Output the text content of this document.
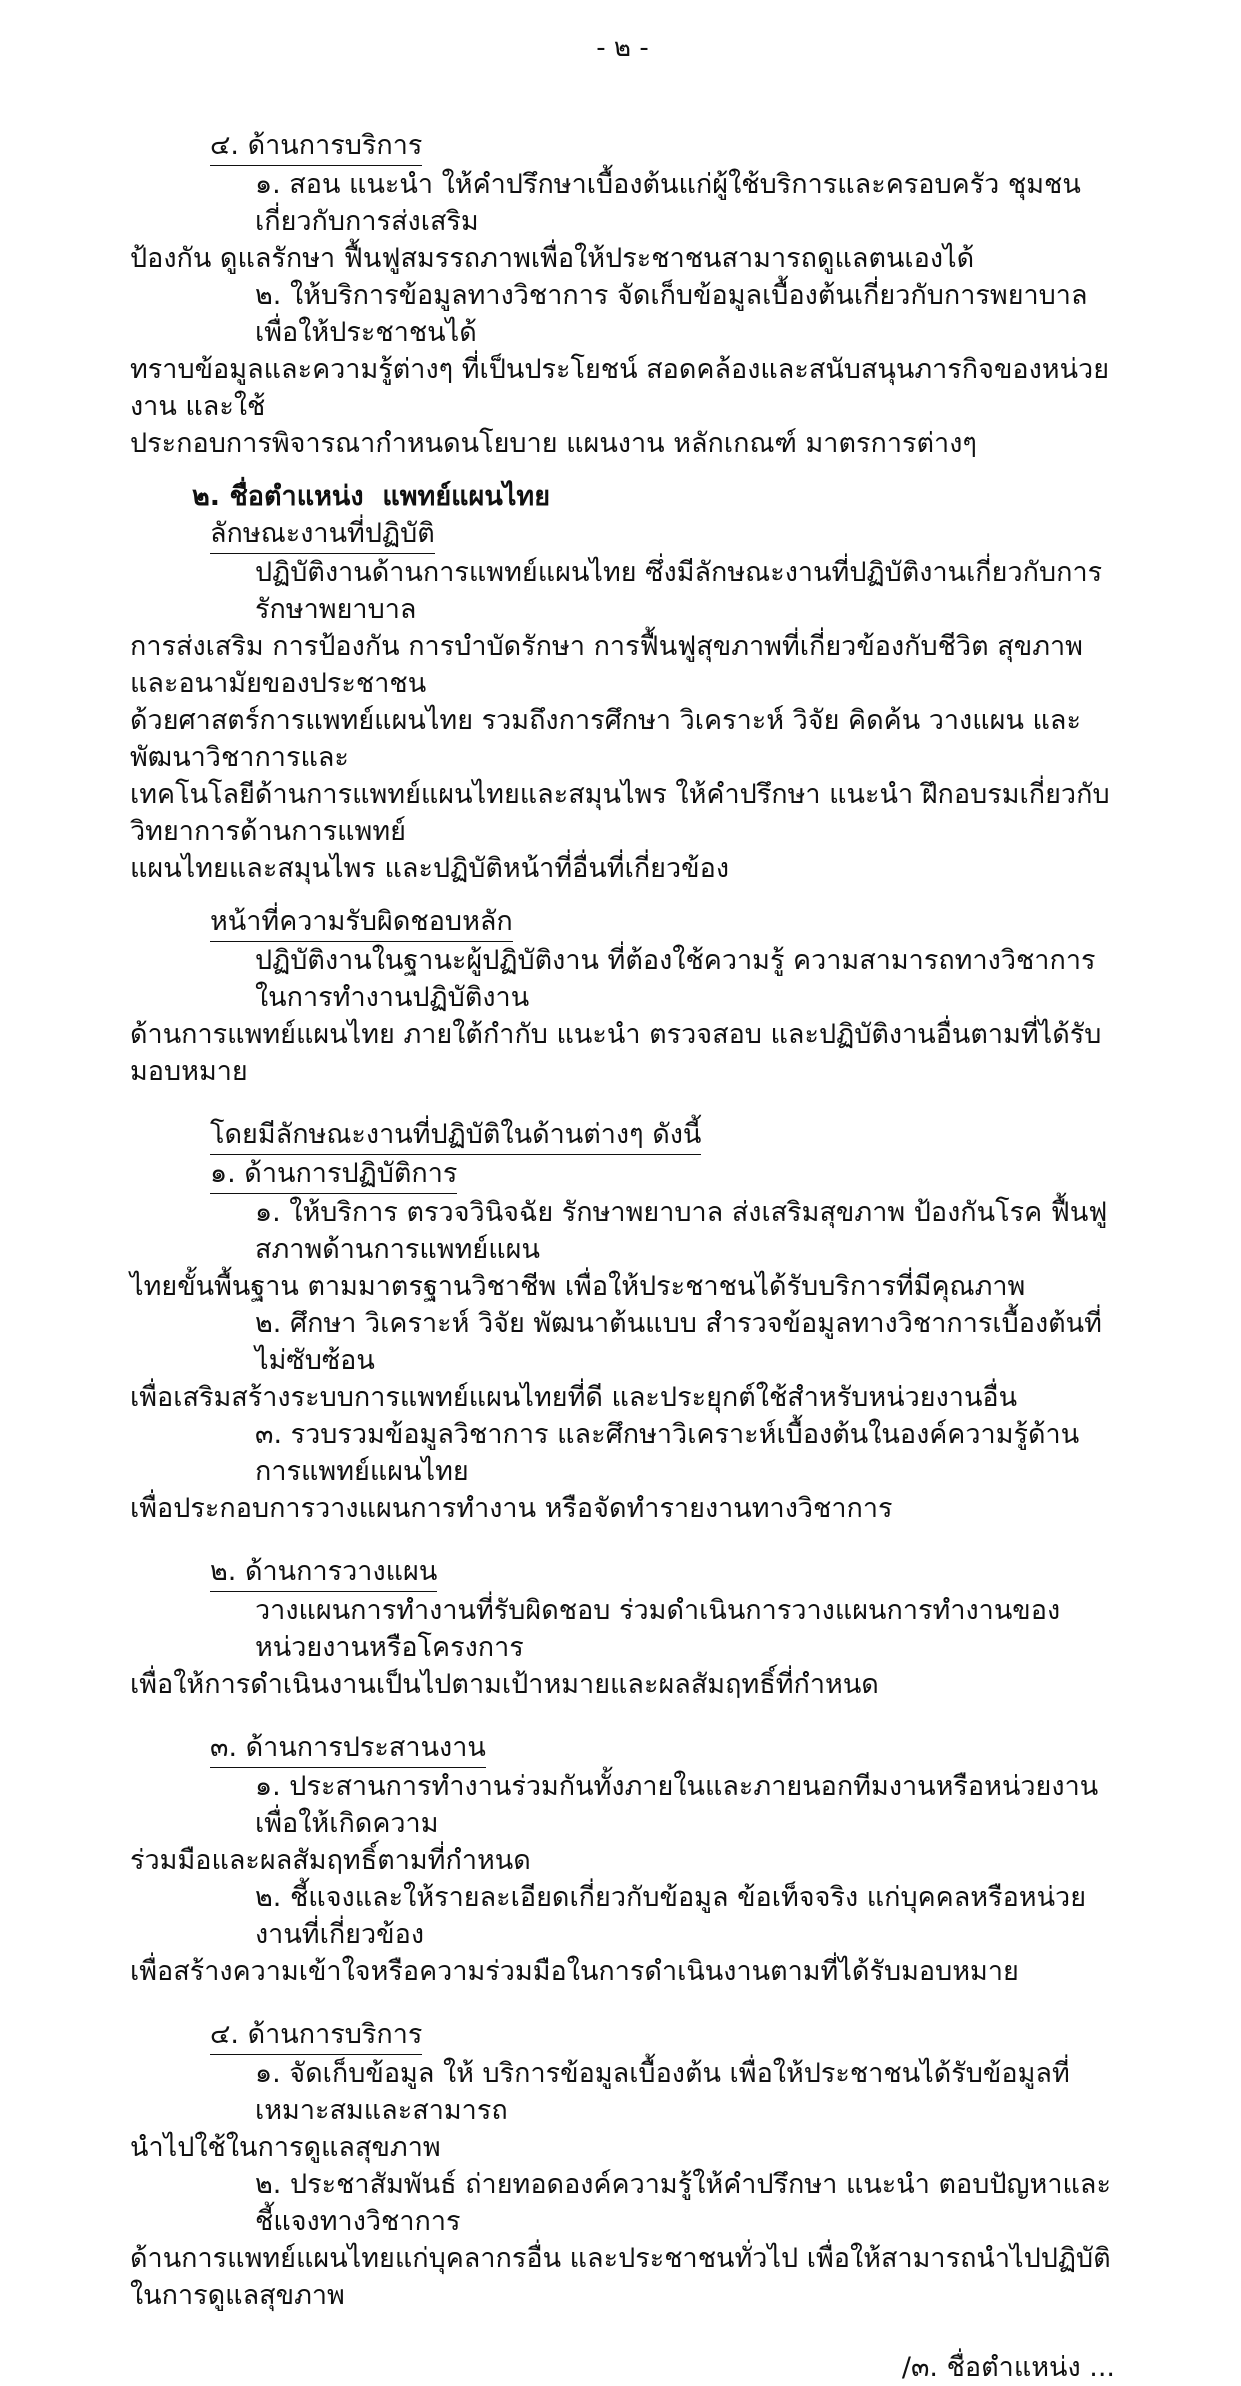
- ๒ -
๔. ด้านการบริการ
๑. สอน แนะนำ ให้คำปรึกษาเบื้องต้นแก่ผู้ใช้บริการและครอบครัว ชุมชน เกี่ยวกับการส่งเสริม
ป้องกัน ดูแลรักษา ฟื้นฟูสมรรถภาพเพื่อให้ประชาชนสามารถดูแลตนเองได้
๒. ให้บริการข้อมูลทางวิชาการ จัดเก็บข้อมูลเบื้องต้นเกี่ยวกับการพยาบาล เพื่อให้ประชาชนได้
ทราบข้อมูลและความรู้ต่างๆ ที่เป็นประโยชน์ สอดคล้องและสนับสนุนภารกิจของหน่วยงาน และใช้
ประกอบการพิจารณากำหนดนโยบาย แผนงาน หลักเกณฑ์ มาตรการต่างๆ
๒. ชื่อตำแหน่ง  แพทย์แผนไทย
ลักษณะงานที่ปฏิบัติ
ปฏิบัติงานด้านการแพทย์แผนไทย ซึ่งมีลักษณะงานที่ปฏิบัติงานเกี่ยวกับการรักษาพยาบาล
การส่งเสริม การป้องกัน การบำบัดรักษา การฟื้นฟูสุขภาพที่เกี่ยวข้องกับชีวิต สุขภาพและอนามัยของประชาชน
ด้วยศาสตร์การแพทย์แผนไทย รวมถึงการศึกษา วิเคราะห์ วิจัย คิดค้น วางแผน และพัฒนาวิชาการและ
เทคโนโลยีด้านการแพทย์แผนไทยและสมุนไพร ให้คำปรึกษา แนะนำ ฝึกอบรมเกี่ยวกับวิทยาการด้านการแพทย์
แผนไทยและสมุนไพร และปฏิบัติหน้าที่อื่นที่เกี่ยวข้อง
หน้าที่ความรับผิดชอบหลัก
ปฏิบัติงานในฐานะผู้ปฏิบัติงาน ที่ต้องใช้ความรู้ ความสามารถทางวิชาการในการทำงานปฏิบัติงาน
ด้านการแพทย์แผนไทย ภายใต้กำกับ แนะนำ ตรวจสอบ และปฏิบัติงานอื่นตามที่ได้รับมอบหมาย
โดยมีลักษณะงานที่ปฏิบัติในด้านต่างๆ ดังนี้
๑. ด้านการปฏิบัติการ
๑. ให้บริการ ตรวจวินิจฉัย รักษาพยาบาล ส่งเสริมสุขภาพ ป้องกันโรค ฟื้นฟูสภาพด้านการแพทย์แผน
ไทยขั้นพื้นฐาน ตามมาตรฐานวิชาชีพ เพื่อให้ประชาชนได้รับบริการที่มีคุณภาพ
๒. ศึกษา วิเคราะห์ วิจัย พัฒนาต้นแบบ สำรวจข้อมูลทางวิชาการเบื้องต้นที่ไม่ซับซ้อน
เพื่อเสริมสร้างระบบการแพทย์แผนไทยที่ดี และประยุกต์ใช้สำหรับหน่วยงานอื่น
๓. รวบรวมข้อมูลวิชาการ และศึกษาวิเคราะห์เบื้องต้นในองค์ความรู้ด้านการแพทย์แผนไทย
เพื่อประกอบการวางแผนการทำงาน หรือจัดทำรายงานทางวิชาการ
๒. ด้านการวางแผน
วางแผนการทำงานที่รับผิดชอบ ร่วมดำเนินการวางแผนการทำงานของหน่วยงานหรือโครงการ
เพื่อให้การดำเนินงานเป็นไปตามเป้าหมายและผลสัมฤทธิ์ที่กำหนด
๓. ด้านการประสานงาน
๑. ประสานการทำงานร่วมกันทั้งภายในและภายนอกทีมงานหรือหน่วยงาน เพื่อให้เกิดความ
ร่วมมือและผลสัมฤทธิ์ตามที่กำหนด
๒. ชี้แจงและให้รายละเอียดเกี่ยวกับข้อมูล ข้อเท็จจริง แก่บุคคลหรือหน่วยงานที่เกี่ยวข้อง
เพื่อสร้างความเข้าใจหรือความร่วมมือในการดำเนินงานตามที่ได้รับมอบหมาย
๔. ด้านการบริการ
๑. จัดเก็บข้อมูล ให้ บริการข้อมูลเบื้องต้น เพื่อให้ประชาชนได้รับข้อมูลที่เหมาะสมและสามารถ
นำไปใช้ในการดูแลสุขภาพ
๒. ประชาสัมพันธ์ ถ่ายทอดองค์ความรู้ให้คำปรึกษา แนะนำ ตอบปัญหาและชี้แจงทางวิชาการ
ด้านการแพทย์แผนไทยแก่บุคลากรอื่น และประชาชนทั่วไป เพื่อให้สามารถนำไปปฏิบัติในการดูแลสุขภาพ
/๓. ชื่อตำแหน่ง ...
